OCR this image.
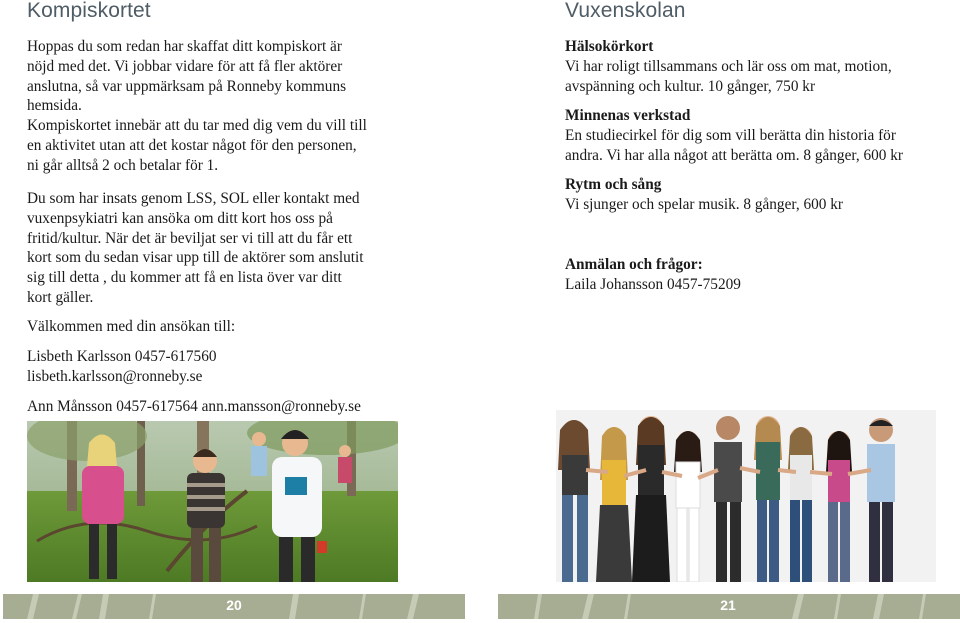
Kompiskortet
Hoppas du som redan har skaffat ditt kompiskort är
nöjd med det. Vi jobbar vidare för att få fler aktörer
anslutna, så var uppmärksam på Ronneby kommuns
hemsida.
Kompiskortet innebär att du tar med dig vem du vill till
en aktivitet utan att det kostar något för den personen,
ni går alltså 2 och betalar för 1.
Du som har insats genom LSS, SOL eller kontakt med
vuxenpsykiatri kan ansöka om ditt kort hos oss på
fritid/kultur. När det är beviljat ser vi till att du får ett
kort som du sedan visar upp till de aktörer som anslutit
sig till detta , du kommer att få en lista över var ditt
kort gäller.
Välkommen med din ansökan till:
Lisbeth Karlsson 0457-617560
lisbeth.karlsson@ronneby.se
Ann Månsson 0457-617564 ann.mansson@ronneby.se
20
Vuxenskolan
Hälsokörkort
Vi har roligt tillsammans och lär oss om mat, motion,
avspänning och kultur. 10 gånger, 750 kr
Minnenas verkstad
En studiecirkel för dig som vill berätta din historia för
andra. Vi har alla något att berätta om. 8 gånger, 600 kr
Rytm och sång
Vi sjunger och spelar musik. 8 gånger, 600 kr
Anmälan och frågor:
Laila Johansson 0457-75209
21
